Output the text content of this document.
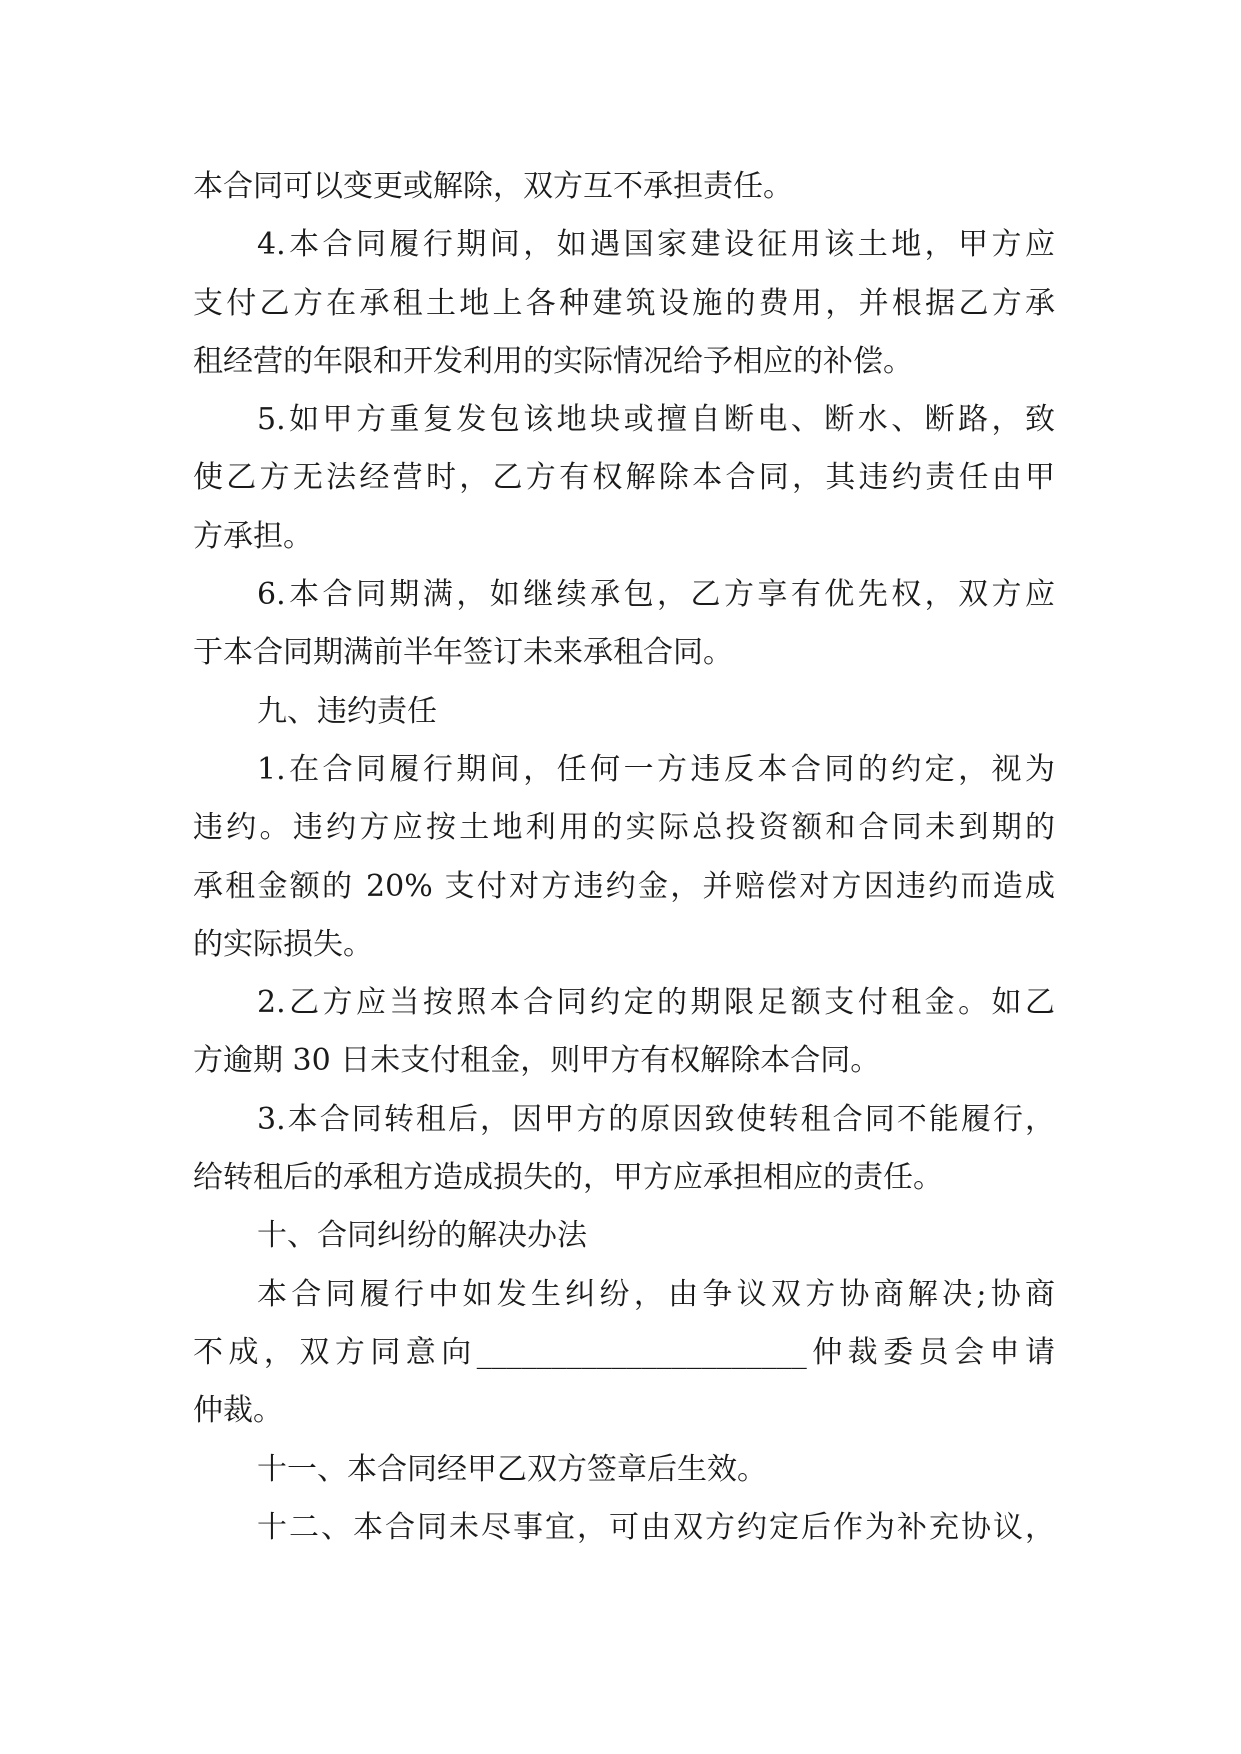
本合同可以变更或解除，双方互不承担责任。
4.本合同履行期间，如遇国家建设征用该土地，甲方应
支付乙方在承租土地上各种建筑设施的费用，并根据乙方承
租经营的年限和开发利用的实际情况给予相应的补偿。
5.如甲方重复发包该地块或擅自断电、断水、断路，致
使乙方无法经营时，乙方有权解除本合同，其违约责任由甲
方承担。
6.本合同期满，如继续承包，乙方享有优先权，双方应
于本合同期满前半年签订未来承租合同。
九、违约责任
1.在合同履行期间，任何一方违反本合同的约定，视为
违约。违约方应按土地利用的实际总投资额和合同未到期的
承租金额的 20% 支付对方违约金，并赔偿对方因违约而造成
的实际损失。
2.乙方应当按照本合同约定的期限足额支付租金。如乙
方逾期 30 日未支付租金，则甲方有权解除本合同。
3.本合同转租后，因甲方的原因致使转租合同不能履行，
给转租后的承租方造成损失的，甲方应承担相应的责任。
十、合同纠纷的解决办法
本合同履行中如发生纠纷，由争议双方协商解决;协商
不成，双方同意向______________________仲裁委员会申请
仲裁。
十一、本合同经甲乙双方签章后生效。
十二、本合同未尽事宜，可由双方约定后作为补充协议，
